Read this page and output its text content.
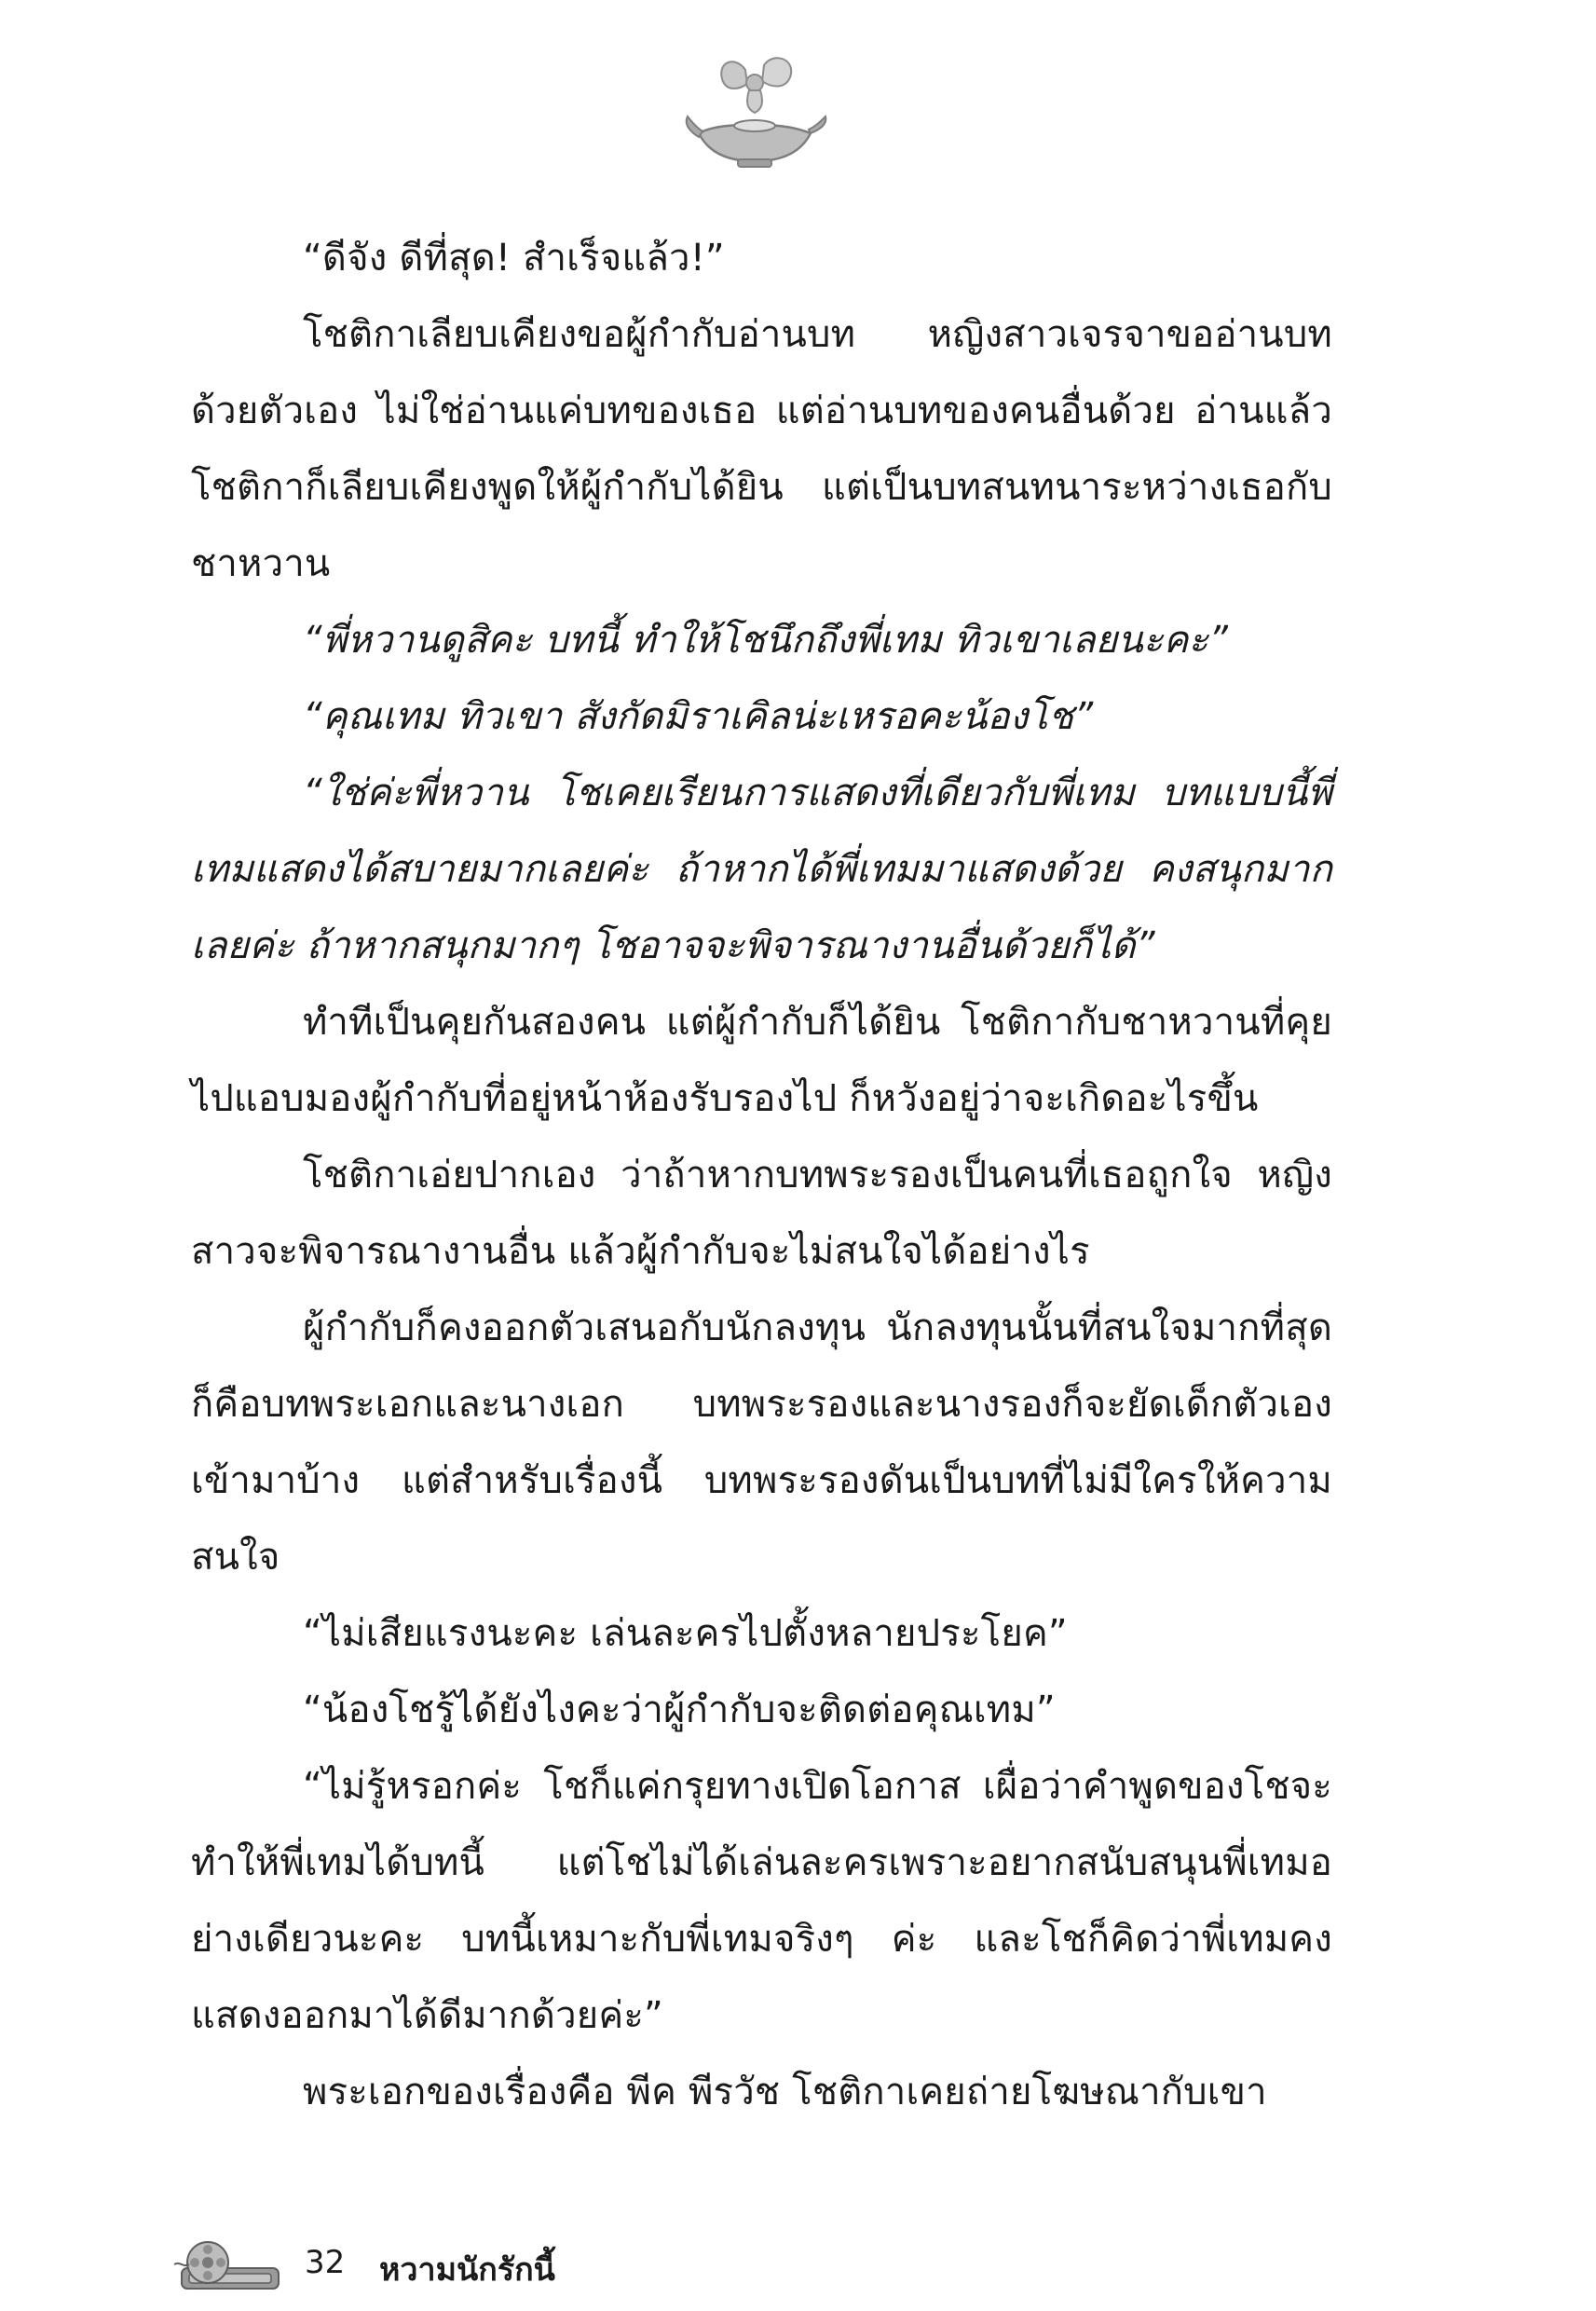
“ดีจัง ดีที่สุด! สำเร็จแล้ว!”

โชติกาเลียบเคียงขอผู้กำกับอ่านบท หญิงสาวเจรจาขออ่านบทด้วยตัวเอง ไม่ใช่อ่านแค่บทของเธอ แต่อ่านบทของคนอื่นด้วย อ่านแล้วโชติกาก็เลียบเคียงพูดให้ผู้กำกับได้ยิน แต่เป็นบทสนทนาระหว่างเธอกับชาหวาน

“พี่หวานดูสิคะ บทนี้ ทำให้โชนึกถึงพี่เทม ทิวเขาเลยนะคะ”

“คุณเทม ทิวเขา สังกัดมิราเคิลน่ะเหรอคะน้องโช”

“ใช่ค่ะพี่หวาน โชเคยเรียนการแสดงที่เดียวกับพี่เทม บทแบบนี้พี่เทมแสดงได้สบายมากเลยค่ะ ถ้าหากได้พี่เทมมาแสดงด้วย คงสนุกมากเลยค่ะ ถ้าหากสนุกมากๆ โชอาจจะพิจารณางานอื่นด้วยก็ได้”

ทำทีเป็นคุยกันสองคน แต่ผู้กำกับก็ได้ยิน โชติกากับชาหวานที่คุยไปแอบมองผู้กำกับที่อยู่หน้าห้องรับรองไป ก็หวังอยู่ว่าจะเกิดอะไรขึ้น

โชติกาเอ่ยปากเอง ว่าถ้าหากบทพระรองเป็นคนที่เธอถูกใจ หญิงสาวจะพิจารณางานอื่น แล้วผู้กำกับจะไม่สนใจได้อย่างไร

ผู้กำกับก็คงออกตัวเสนอกับนักลงทุน นักลงทุนนั้นที่สนใจมากที่สุดก็คือบทพระเอกและนางเอก บทพระรองและนางรองก็จะยัดเด็กตัวเองเข้ามาบ้าง แต่สำหรับเรื่องนี้ บทพระรองดันเป็นบทที่ไม่มีใครให้ความสนใจ

“ไม่เสียแรงนะคะ เล่นละครไปตั้งหลายประโยค”

“น้องโชรู้ได้ยังไงคะว่าผู้กำกับจะติดต่อคุณเทม”

“ไม่รู้หรอกค่ะ โชก็แค่กรุยทางเปิดโอกาส เผื่อว่าคำพูดของโชจะทำให้พี่เทมได้บทนี้ แต่โชไม่ได้เล่นละครเพราะอยากสนับสนุนพี่เทมอย่างเดียวนะคะ บทนี้เหมาะกับพี่เทมจริงๆ ค่ะ และโชก็คิดว่าพี่เทมคงแสดงออกมาได้ดีมากด้วยค่ะ”

พระเอกของเรื่องคือ พีค พีรวัช โชติกาเคยถ่ายโฆษณากับเขา

32 หวามนักรักนี้
